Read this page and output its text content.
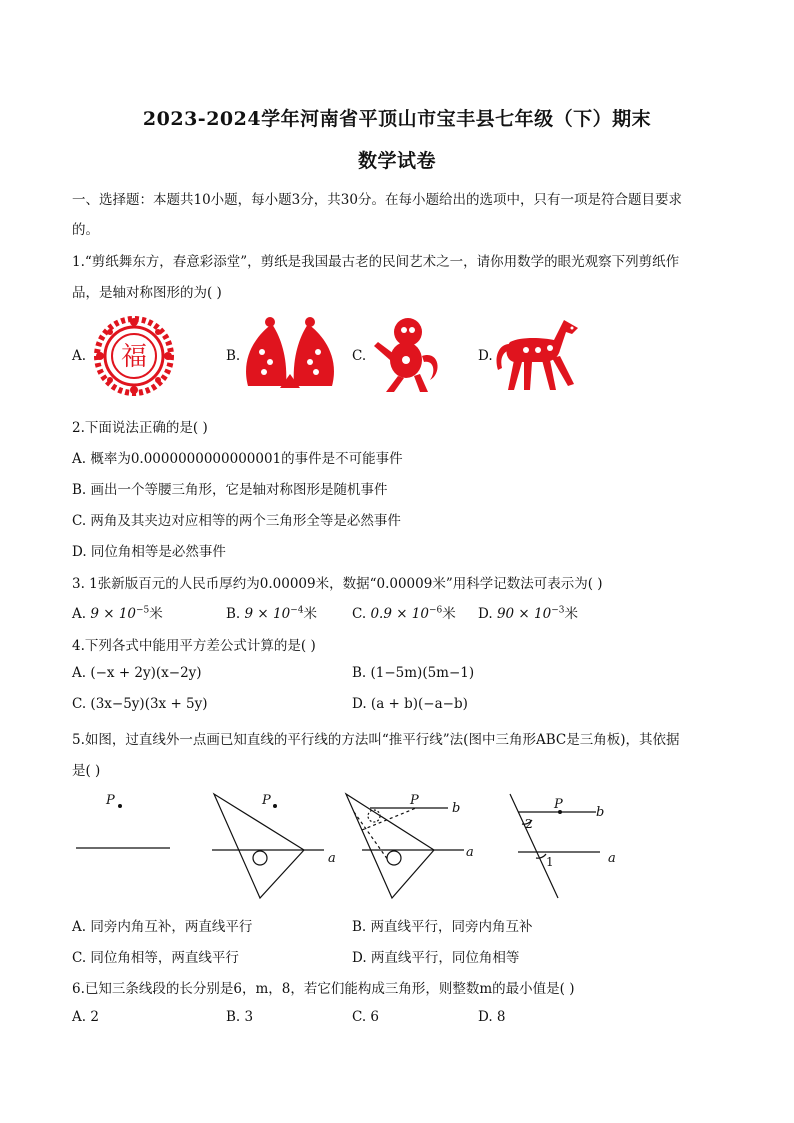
2023-2024学年河南省平顶山市宝丰县七年级（下）期末
数学试卷
一、选择题：本题共10小题，每小题3分，共30分。在每小题给出的选项中，只有一项是符合题目要求
的。
1.“剪纸舞东方，春意彩添堂”，剪纸是我国最古老的民间艺术之一，请你用数学的眼光观察下列剪纸作
品，是轴对称图形的为( )
A. 福	B.	C.	D.
2.下面说法正确的是( )
A. 概率为0.0000000000000001的事件是不可能事件
B. 画出一个等腰三角形，它是轴对称图形是随机事件
C. 两角及其夹边对应相等的两个三角形全等是必然事件
D. 同位角相等是必然事件
3. 1张新版百元的人民币厚约为0.00009米，数据“0.00009米”用科学记数法可表示为( )
A. $9 \times 10^{-5}$米	B. $9 \times 10^{-4}$米	C. $0.9 \times 10^{-6}$米 D. $90 \times 10^{-3}$米
4.下列各式中能用平方差公式计算的是( )
A. (−x + 2y)(x−2y)	B. (1−5m)(5m−1)
C. (3x−5y)(3x + 5y)	D. (a + b)(−a−b)
5.如图，过直线外一点画已知直线的平行线的方法叫“推平行线”法(图中三角形ABC是三角板)，其依据
是( )
P	P	P	P
a	a
b
a
b
2
1
A. 同旁内角互补，两直线平行	B. 两直线平行，同旁内角互补
C. 同位角相等，两直线平行	D. 两直线平行，同位角相等
6.已知三条线段的长分别是6，m，8，若它们能构成三角形，则整数m的最小值是( )
A. 2	B. 3	C. 6	D. 8
